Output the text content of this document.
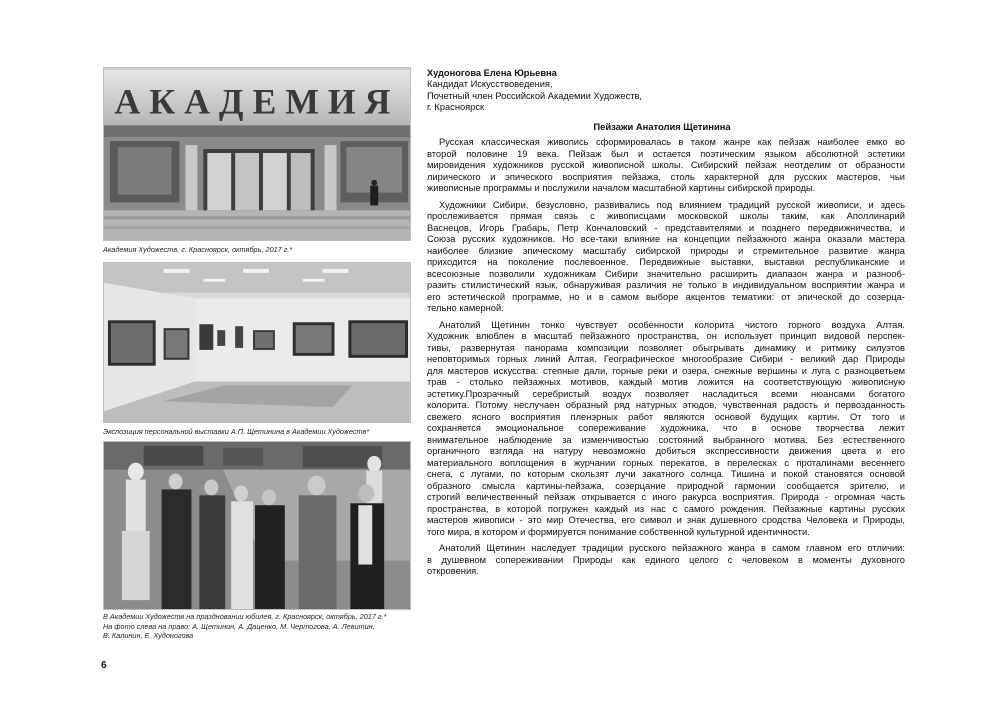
АКАДЕМИЯ
Академия Художеств, г. Красноярск, октябрь, 2017 г.*
Экспозиция персональной выставки А.П. Щетинина в Академии Художеств*
В Академии Художеств на праздновании юбилея, г. Красноярск, октябрь, 2017 г.*
На фото слева на право: А. Щетинин, А. Даценко, М. Чертогова, А. Левитин,
В. Калинин, Е. Худоногова
Худоногова Елена Юрьевна
Кандидат Искусствоведения,
Почетный член Российской Академии Художеств,
г. Красноярск
Пейзажи Анатолия Щетинина
Русская классическая живопись сформировалась в таком жанре как пейзаж наиболее емко во
второй половине 19 века. Пейзаж был и остается поэтическим языком абсолютной эстетики
мировидения художников русской живописной школы. Сибирский пейзаж неотделим от образности
лирического и эпического восприятия пейзажа, столь характерной для русских мастеров, чьи
живописные программы и послужили началом масштабной картины сибирской природы.
Художники Сибири, безусловно, развивались под влиянием традиций русской живописи, и здесь
прослеживается прямая связь с живописцами московской школы таким, как Аполлинарий
Васнецов, Игорь Грабарь, Петр Кончаловский - представителями и позднего передвижничества, и
Союза русских художников. Но все-таки влияние на концепции пейзажного жанра оказали мастера
наиболее близкие эпическому масштабу сибирской природы и стремительное развитие жанра
приходится на поколение послевоенное. Передвижные выставки, выставки республиканские и
всесоюзные позволили художникам Сибири значительно расширить диапазон жанра и разнооб-
разить стилистический язык, обнаруживая различия не только в индивидуальном восприятии жанра и
его эстетической программе, но и в самом выборе акцентов тематики: от эпической до созерца-
тельно камерной.
Анатолий Щетинин тонко чувствует особенности колорита чистого горного воздуха Алтая.
Художник влюблен в масштаб пейзажного пространства, он использует принцип видовой перспек-
тивы, развернутая панорама композиции позволяет обыгрывать динамику и ритмику силуэтов
неповторимых горных линий Алтая. Географическое многообразие Сибири - великий дар Природы
для мастеров искусства: степные дали, горные реки и озера, снежные вершины и луга с разноцветьем
трав - столько пейзажных мотивов, каждый мотив ложится на соответствующую живописную
эстетику.Прозрачный серебристый воздух позволяет насладиться всеми нюансами богатого
колорита. Потому неслучаен образный ряд натурных этюдов, чувственная радость и первозданность
свежего ясного восприятия пленэрных работ являются основой будущих картин. От того и
сохраняется эмоциональное сопереживание художника, что в основе творчества лежит
внимательное наблюдение за изменчивостью состояний выбранного мотива. Без естественного
органичного взгляда на натуру невозможно добиться экспрессивности движения цвета и его
материального воплощения в журчании горных перекатов, в перелесках с проталинами весеннего
снега, с лугами, по которым скользят лучи закатного солнца. Тишина и покой становятся основой
образного смысла картины-пейзажа, созерцание природной гармонии сообщается зрителю, и
строгий величественный пейзаж открывается с иного ракурса восприятия. Природа - огромная часть
пространства, в которой погружен каждый из нас с самого рождения. Пейзажные картины русских
мастеров живописи - это мир Отечества, его символ и знак душевного сродства Человека и Природы,
того мира, в котором и формируется понимание собственной культурной идентичности.
Анатолий Щетинин наследует традиции русского пейзажного жанра в самом главном его отличии:
в душевном сопереживании Природы как единого целого с человеком в моменты духовного
откровения.
6
